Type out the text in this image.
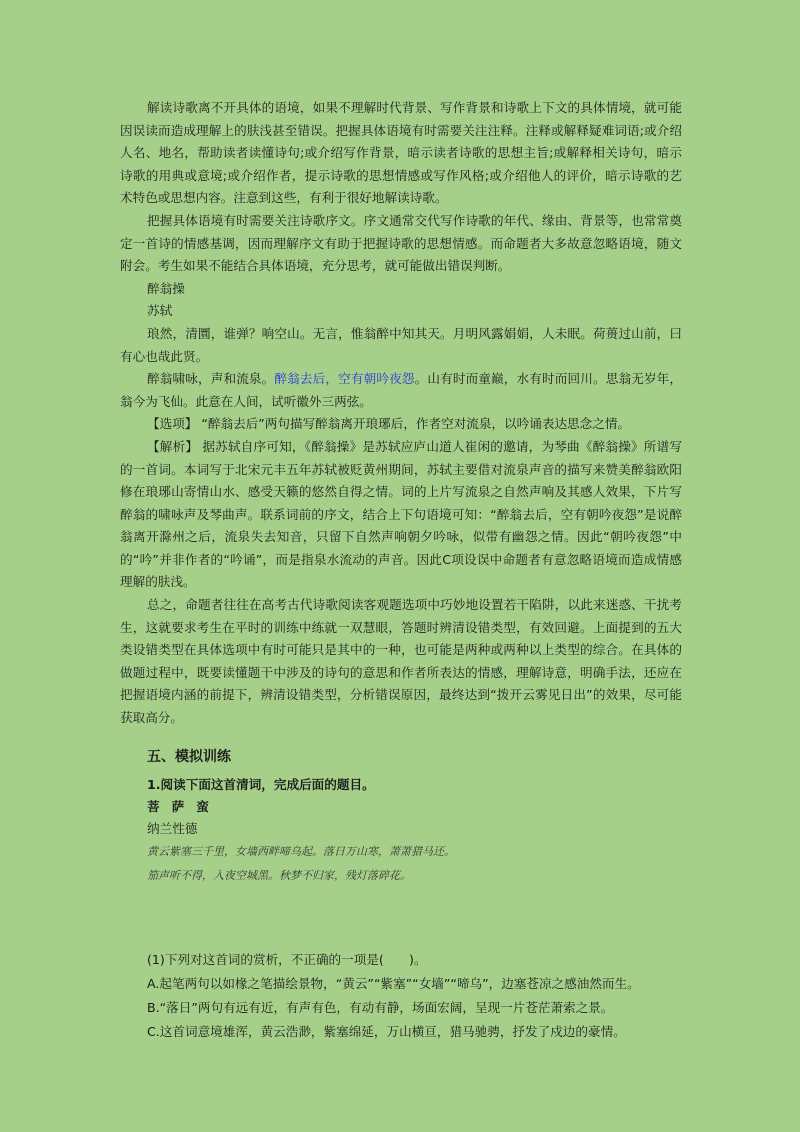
解读诗歌离不开具体的语境，如果不理解时代背景、写作背景和诗歌上下文的具体情境，就可能因误读而造成理解上的肤浅甚至错误。把握具体语境有时需要关注注释。注释或解释疑难词语;或介绍人名、地名，帮助读者读懂诗句;或介绍写作背景，暗示读者诗歌的思想主旨;或解释相关诗句，暗示诗歌的用典或意境;或介绍作者，提示诗歌的思想情感或写作风格;或介绍他人的评价，暗示诗歌的艺术特色或思想内容。注意到这些，有利于很好地解读诗歌。

把握具体语境有时需要关注诗歌序文。序文通常交代写作诗歌的年代、缘由、背景等，也常常奠定一首诗的情感基调，因而理解序文有助于把握诗歌的思想情感。而命题者大多故意忽略语境，随文附会。考生如果不能结合具体语境，充分思考，就可能做出错误判断。

醉翁操

苏轼

琅然，清圜，谁弹？响空山。无言，惟翁醉中知其天。月明风露娟娟，人未眠。荷蒉过山前，曰有心也哉此贤。

醉翁啸咏，声和流泉。醉翁去后，空有朝吟夜怨。山有时而童巅，水有时而回川。思翁无岁年，翁今为飞仙。此意在人间，试听徽外三两弦。

【选项】 “醉翁去后”两句描写醉翁离开琅琊后，作者空对流泉，以吟诵表达思念之情。

【解析】 据苏轼自序可知，《醉翁操》是苏轼应庐山道人崔闲的邀请，为琴曲《醉翁操》所谱写的一首词。本词写于北宋元丰五年苏轼被贬黄州期间，苏轼主要借对流泉声音的描写来赞美醉翁欧阳修在琅琊山寄情山水、感受天籁的悠然自得之情。词的上片写流泉之自然声响及其感人效果，下片写醉翁的啸咏声及琴曲声。联系词前的序文，结合上下句语境可知：“醉翁去后，空有朝吟夜怨”是说醉翁离开滁州之后，流泉失去知音，只留下自然声响朝夕吟咏，似带有幽怨之情。因此“朝吟夜怨”中的“吟”并非作者的“吟诵”，而是指泉水流动的声音。因此C项设误中命题者有意忽略语境而造成情感理解的肤浅。

总之，命题者往往在高考古代诗歌阅读客观题选项中巧妙地设置若干陷阱，以此来迷惑、干扰考生，这就要求考生在平时的训练中练就一双慧眼，答题时辨清设错类型，有效回避。上面提到的五大类设错类型在具体选项中有时可能只是其中的一种，也可能是两种或两种以上类型的综合。在具体的做题过程中，既要读懂题干中涉及的诗句的意思和作者所表达的情感，理解诗意，明确手法，还应在把握语境内涵的前提下，辨清设错类型，分析错误原因，最终达到“拨开云雾见日出”的效果，尽可能获取高分。

五、模拟训练
1.阅读下面这首清词，完成后面的题目。
菩萨蛮
纳兰性德
黄云紫塞三千里，女墙西畔啼乌起。落日万山寒，萧萧猎马还。
笳声听不得，入夜空城黑。秋梦不归家，残灯落碎花。
(1)下列对这首词的赏析，不正确的一项是(　　)。
A.起笔两句以如椽之笔描绘景物，“黄云”“紫塞”“女墙”“啼乌”，边塞苍凉之感油然而生。
B.“落日”两句有远有近，有声有色，有动有静，场面宏阔，呈现一片苍茫萧索之景。
C.这首词意境雄浑，黄云浩渺，紫塞绵延，万山横亘，猎马驰骋，抒发了戍边的豪情。
